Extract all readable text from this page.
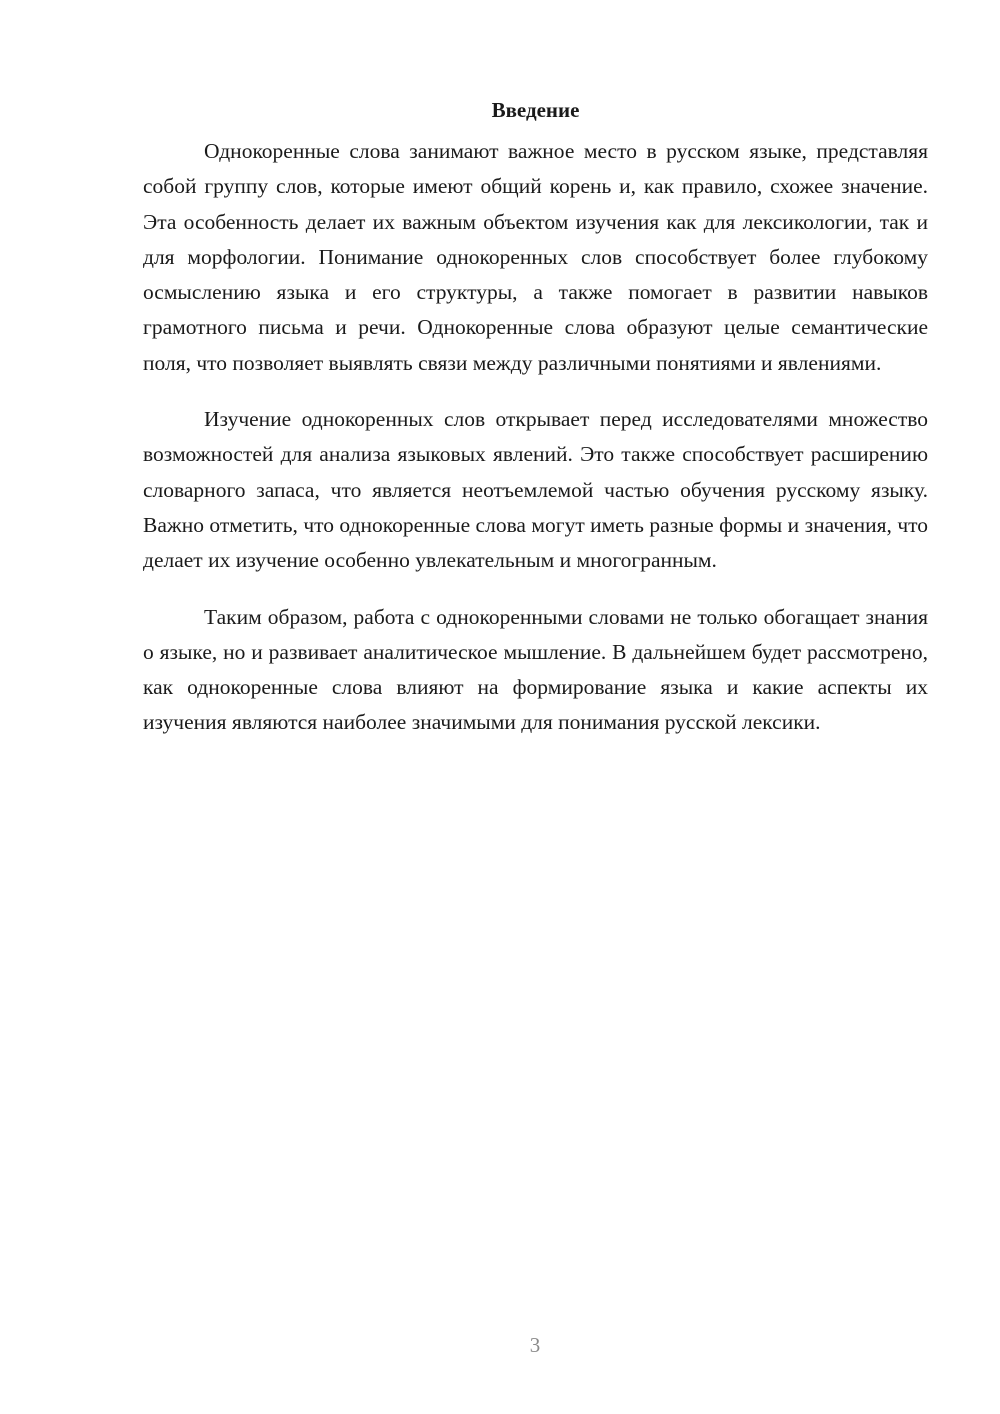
Введение

Однокоренные слова занимают важное место в русском языке, представляя собой группу слов, которые имеют общий корень и, как правило, схожее значение. Эта особенность делает их важным объектом изучения как для лексикологии, так и для морфологии. Понимание однокоренных слов способствует более глубокому осмыслению языка и его структуры, а также помогает в развитии навыков грамотного письма и речи. Однокоренные слова образуют целые семантические поля, что позволяет выявлять связи между различными понятиями и явлениями.

Изучение однокоренных слов открывает перед исследователями множество возможностей для анализа языковых явлений. Это также способствует расширению словарного запаса, что является неотъемлемой частью обучения русскому языку. Важно отметить, что однокоренные слова могут иметь разные формы и значения, что делает их изучение особенно увлекательным и многогранным.

Таким образом, работа с однокоренными словами не только обогащает знания о языке, но и развивает аналитическое мышление. В дальнейшем будет рассмотрено, как однокоренные слова влияют на формирование языка и какие аспекты их изучения являются наиболее значимыми для понимания русской лексики.

3
